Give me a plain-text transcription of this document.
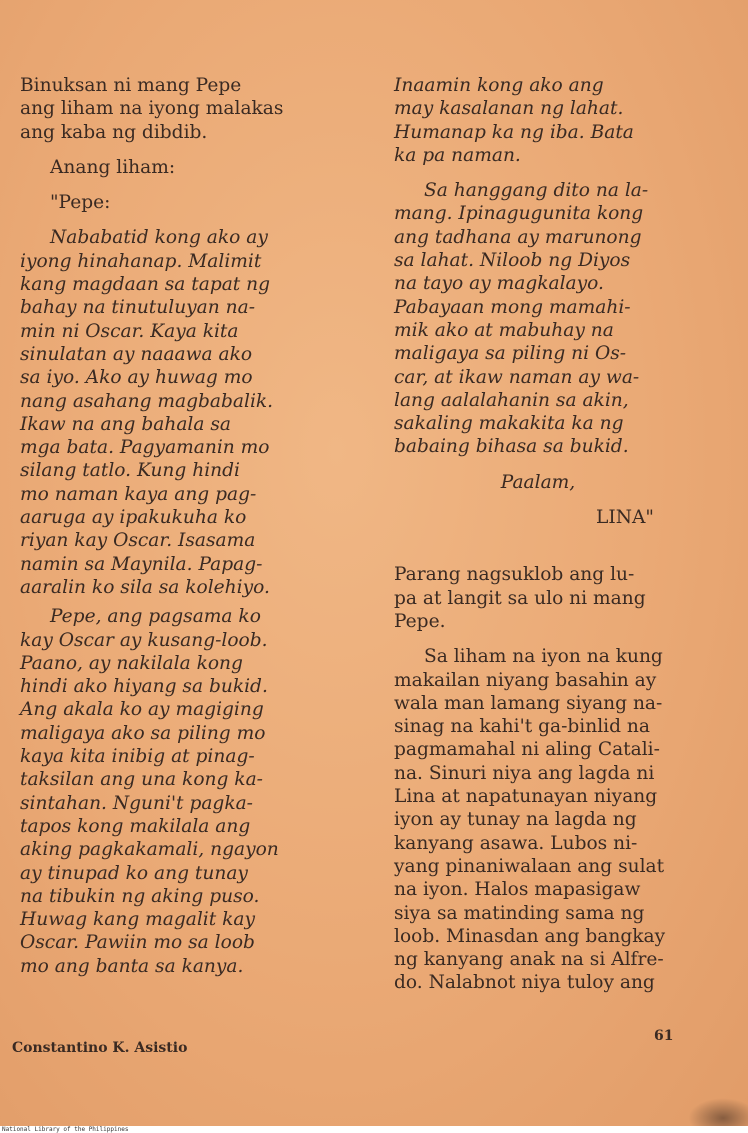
Binuksan ni mang Pepe
ang liham na iyong malakas
ang kaba ng dibdib.

Anang liham:

"Pepe:

Nababatid kong ako ay
iyong hinahanap. Malimit
kang magdaan sa tapat ng
bahay na tinutuluyan na-
min ni Oscar. Kaya kita
sinulatan ay naaawa ako
sa iyo. Ako ay huwag mo
nang asahang magbabalik.
Ikaw na ang bahala sa
mga bata. Pagyamanin mo
silang tatlo. Kung hindi
mo naman kaya ang pag-
aaruga ay ipakukuha ko
riyan kay Oscar. Isasama
namin sa Maynila. Papag-
aaralin ko sila sa kolehiyo.

Pepe, ang pagsama ko
kay Oscar ay kusang-loob.
Paano, ay nakilala kong
hindi ako hiyang sa bukid.
Ang akala ko ay magiging
maligaya ako sa piling mo
kaya kita inibig at pinag-
taksilan ang una kong ka-
sintahan. Nguni't pagka-
tapos kong makilala ang
aking pagkakamali, ngayon
ay tinupad ko ang tunay
na tibukin ng aking puso.
Huwag kang magalit kay
Oscar. Pawiin mo sa loob
mo ang banta sa kanya.

Inaamin kong ako ang
may kasalanan ng lahat.
Humanap ka ng iba. Bata
ka pa naman.

Sa hanggang dito na la-
mang. Ipinagugunita kong
ang tadhana ay marunong
sa lahat. Niloob ng Diyos
na tayo ay magkalayo.
Pabayaan mong mamahi-
mik ako at mabuhay na
maligaya sa piling ni Os-
car, at ikaw naman ay wa-
lang aalalahanin sa akin,
sakaling makakita ka ng
babaing bihasa sa bukid.

Paalam,

LINA"

Parang nagsuklob ang lu-
pa at langit sa ulo ni mang
Pepe.

Sa liham na iyon na kung
makailan niyang basahin ay
wala man lamang siyang na-
sinag na kahi't ga-binlid na
pagmamahal ni aling Catali-
na. Sinuri niya ang lagda ni
Lina at napatunayan niyang
iyon ay tunay na lagda ng
kanyang asawa. Lubos ni-
yang pinaniwalaan ang sulat
na iyon. Halos mapasigaw
siya sa matinding sama ng
loob. Minasdan ang bangkay
ng kanyang anak na si Alfre-
do. Nalabnot niya tuloy ang

Constantino K. Asistio
61
National Library of the Philippines
